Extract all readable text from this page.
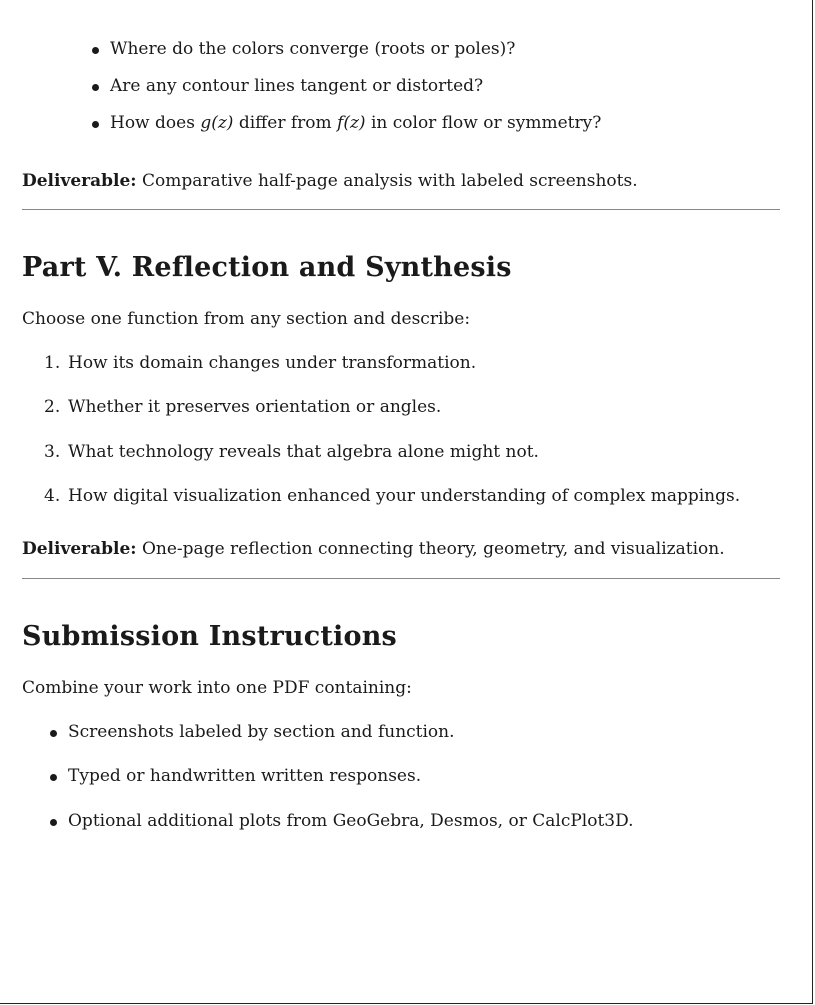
Where do the colors converge (roots or poles)?
Are any contour lines tangent or distorted?
How does g(z) differ from f(z) in color flow or symmetry?
Deliverable: Comparative half-page analysis with labeled screenshots.
Part V. Reflection and Synthesis

Choose one function from any section and describe:

1. How its domain changes under transformation.
2. Whether it preserves orientation or angles.
3. What technology reveals that algebra alone might not.
4. How digital visualization enhanced your understanding of complex mappings.
Deliverable: One-page reflection connecting theory, geometry, and visualization.
Submission Instructions

Combine your work into one PDF containing:

Screenshots labeled by section and function.
Typed or handwritten written responses.
Optional additional plots from GeoGebra, Desmos, or CalcPlot3D.
